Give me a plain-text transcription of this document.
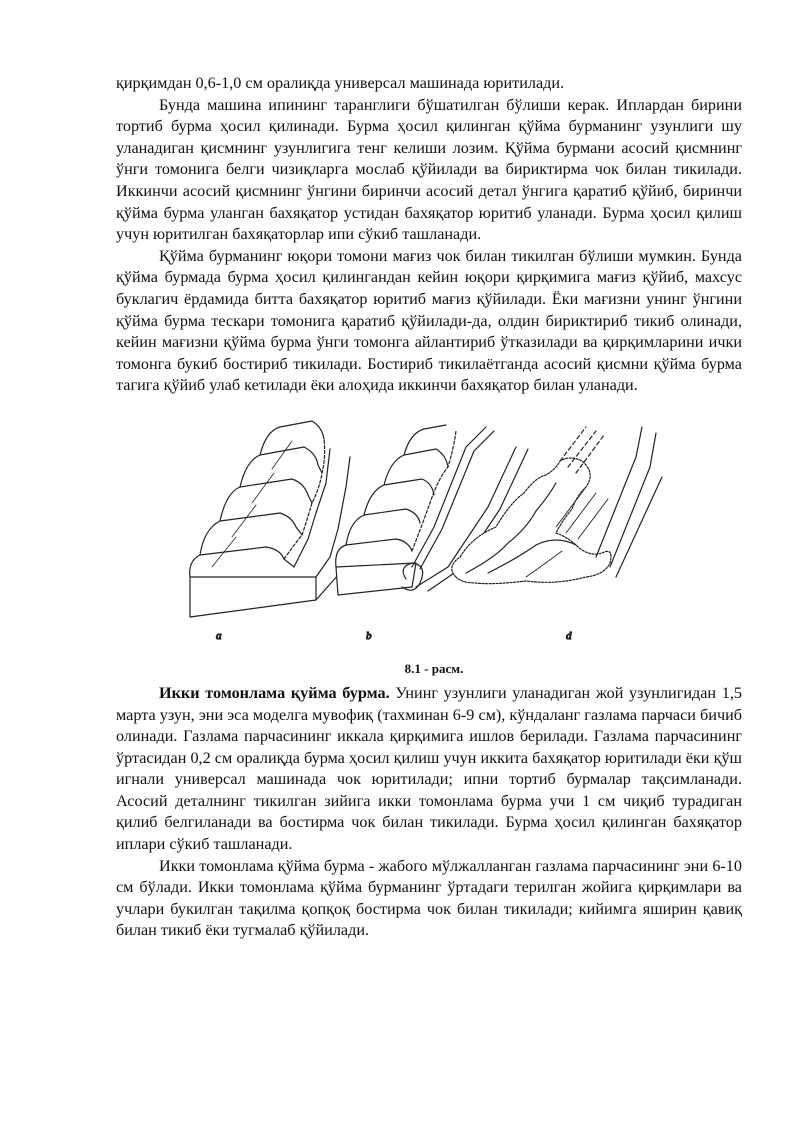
қирқимдан 0,6-1,0 см оралиқда универсал машинада юритилади.

Бунда машина ипининг таранглиги бўшатилган бўлиши керак. Иплардан бирини тортиб бурма ҳосил қилинади. Бурма ҳосил қилинган қўйма бурманинг узунлиги шу уланадиган қисмнинг узунлигига тенг келиши лозим. Қўйма бурмани асосий қисмнинг ўнги томонига белги чизиқларга мослаб қўйилади ва бириктирма чок билан тикилади. Иккинчи асосий қисмнинг ўнгини биринчи асосий детал ўнгига қаратиб қўйиб, биринчи қўйма бурма уланган бахяқатор устидан бахяқатор юритиб уланади. Бурма ҳосил қилиш учун юритилган бахяқаторлар ипи сўкиб ташланади.

Қўйма бурманинг юқори томони мағиз чок билан тикилган бўлиши мумкин. Бунда қўйма бурмада бурма ҳосил қилингандан кейин юқори қирқимига мағиз қўйиб, махсус буклагич ёрдамида битта бахяқатор юритиб мағиз қўйилади. Ёки мағизни унинг ўнгини қўйма бурма тескари томонига қаратиб қўйилади-да, олдин бириктириб тикиб олинади, кейин мағизни қўйма бурма ўнги томонга айлантириб ўтказилади ва қирқимларини ички томонга букиб бостириб тикилади. Бостириб тикилаётганда асосий қисмни қўйма бурма тагига қўйиб улаб кетилади ёки алоҳида иккинчи бахяқатор билан уланади.

a	b	d
8.1 - расм.

Икки томонлама қуйма бурма. Унинг узунлиги уланадиган жой узунлигидан 1,5 марта узун, эни эса моделга мувофиқ (тахминан 6-9 см), кўндаланг газлама парчаси бичиб олинади. Газлама парчасининг иккала қирқимига ишлов берилади. Газлама парчасининг ўртасидан 0,2 см оралиқда бурма ҳосил қилиш учун иккита бахяқатор юритилади ёки қўш игнали универсал машинада чок юритилади; ипни тортиб бурмалар тақсимланади. Асосий деталнинг тикилган зийига икки томонлама бурма учи 1 см чиқиб турадиган қилиб белгиланади ва бостирма чок билан тикилади. Бурма ҳосил қилинган бахяқатор иплари сўкиб ташланади.

Икки томонлама қўйма бурма - жабого мўлжалланган газлама парчасининг эни 6-10 см бўлади. Икки томонлама қўйма бурманинг ўртадаги терилган жойига қирқимлари ва учлари букилган тақилма қопқоқ бостирма чок билан тикилади; кийимга яширин қавиқ билан тикиб ёки тугмалаб қўйилади.
